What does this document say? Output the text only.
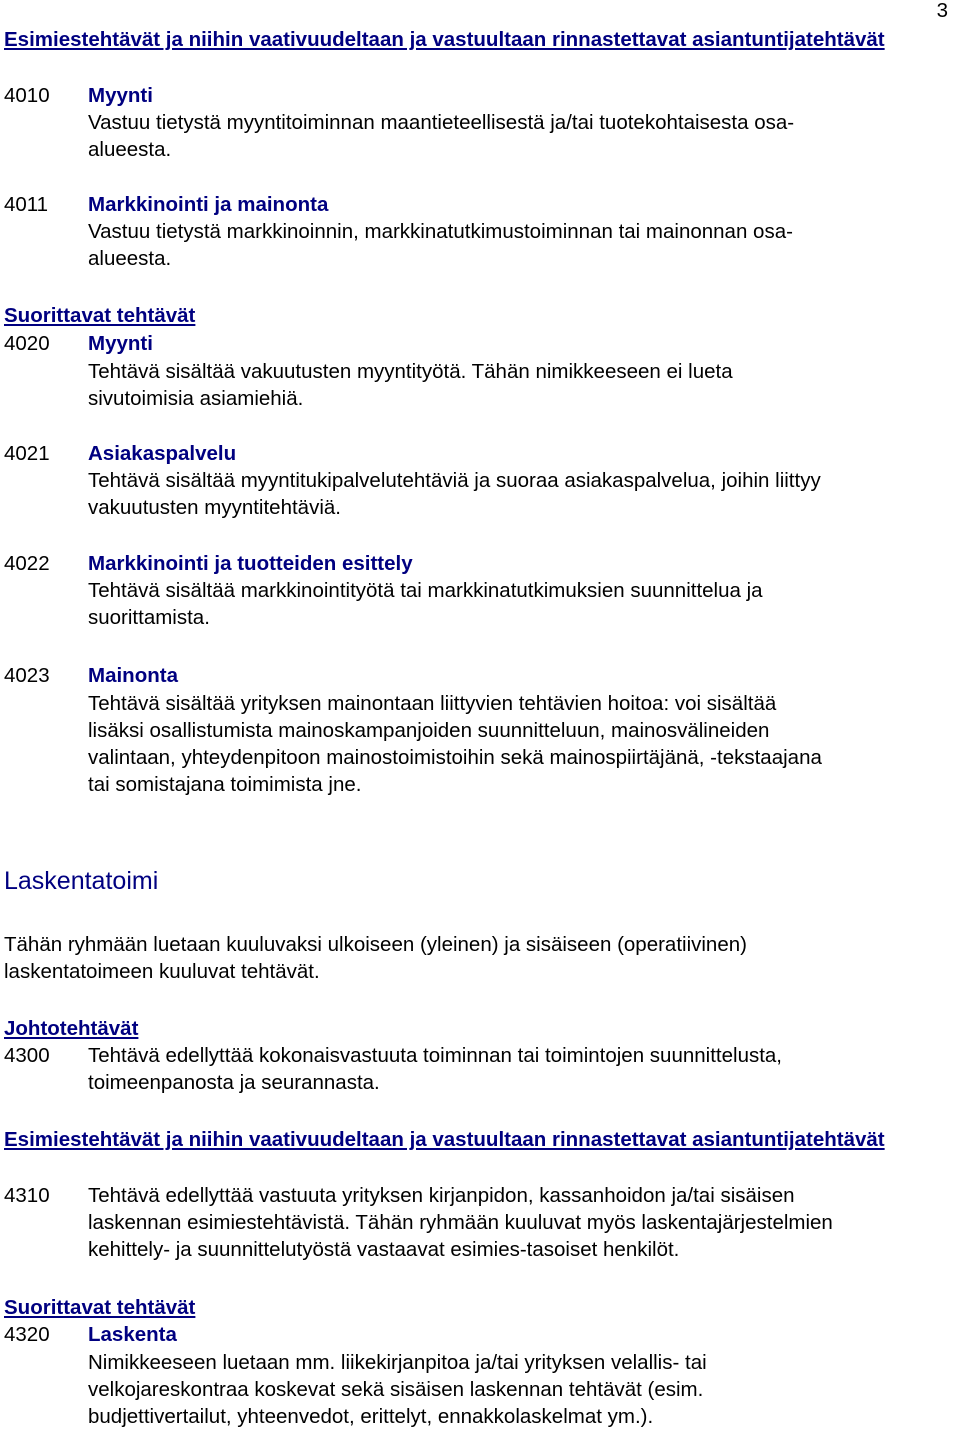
3
Esimiestehtävät ja niihin vaativuudeltaan ja vastuultaan rinnastettavat asiantuntijatehtävät
4010 Myynti
Vastuu tietystä myyntitoiminnan maantieteellisestä ja/tai tuotekohtaisesta osa-
alueesta.
4011 Markkinointi ja mainonta
Vastuu tietystä markkinoinnin, markkinatutkimustoiminnan tai mainonnan osa-
alueesta.
Suorittavat tehtävät
4020 Myynti
Tehtävä sisältää vakuutusten myyntityötä. Tähän nimikkeeseen ei lueta
sivutoimisia asiamiehiä.
4021 Asiakaspalvelu
Tehtävä sisältää myyntitukipalvelutehtäviä ja suoraa asiakaspalvelua, joihin liittyy
vakuutusten myyntitehtäviä.
4022 Markkinointi ja tuotteiden esittely
Tehtävä sisältää markkinointityötä tai markkinatutkimuksien suunnittelua ja
suorittamista.
4023 Mainonta
Tehtävä sisältää yrityksen mainontaan liittyvien tehtävien hoitoa: voi sisältää
lisäksi osallistumista mainoskampanjoiden suunnitteluun, mainosvälineiden
valintaan, yhteydenpitoon mainostoimistoihin sekä mainospiirtäjänä, -tekstaajana
tai somistajana toimimista jne.
Laskentatoimi
Tähän ryhmään luetaan kuuluvaksi ulkoiseen (yleinen) ja sisäiseen (operatiivinen)
laskentatoimeen kuuluvat tehtävät.
Johtotehtävät
4300 Tehtävä edellyttää kokonaisvastuuta toiminnan tai toimintojen suunnittelusta,
toimeenpanosta ja seurannasta.
Esimiestehtävät ja niihin vaativuudeltaan ja vastuultaan rinnastettavat asiantuntijatehtävät
4310 Tehtävä edellyttää vastuuta yrityksen kirjanpidon, kassanhoidon ja/tai sisäisen
laskennan esimiestehtävistä. Tähän ryhmään kuuluvat myös laskentajärjestelmien
kehittely- ja suunnittelutyöstä vastaavat esimies-tasoiset henkilöt.
Suorittavat tehtävät
4320 Laskenta
Nimikkeeseen luetaan mm. liikekirjanpitoa ja/tai yrityksen velallis- tai
velkojareskontraa koskevat sekä sisäisen laskennan tehtävät (esim.
budjettivertailut, yhteenvedot, erittelyt, ennakkolaskelmat ym.).
